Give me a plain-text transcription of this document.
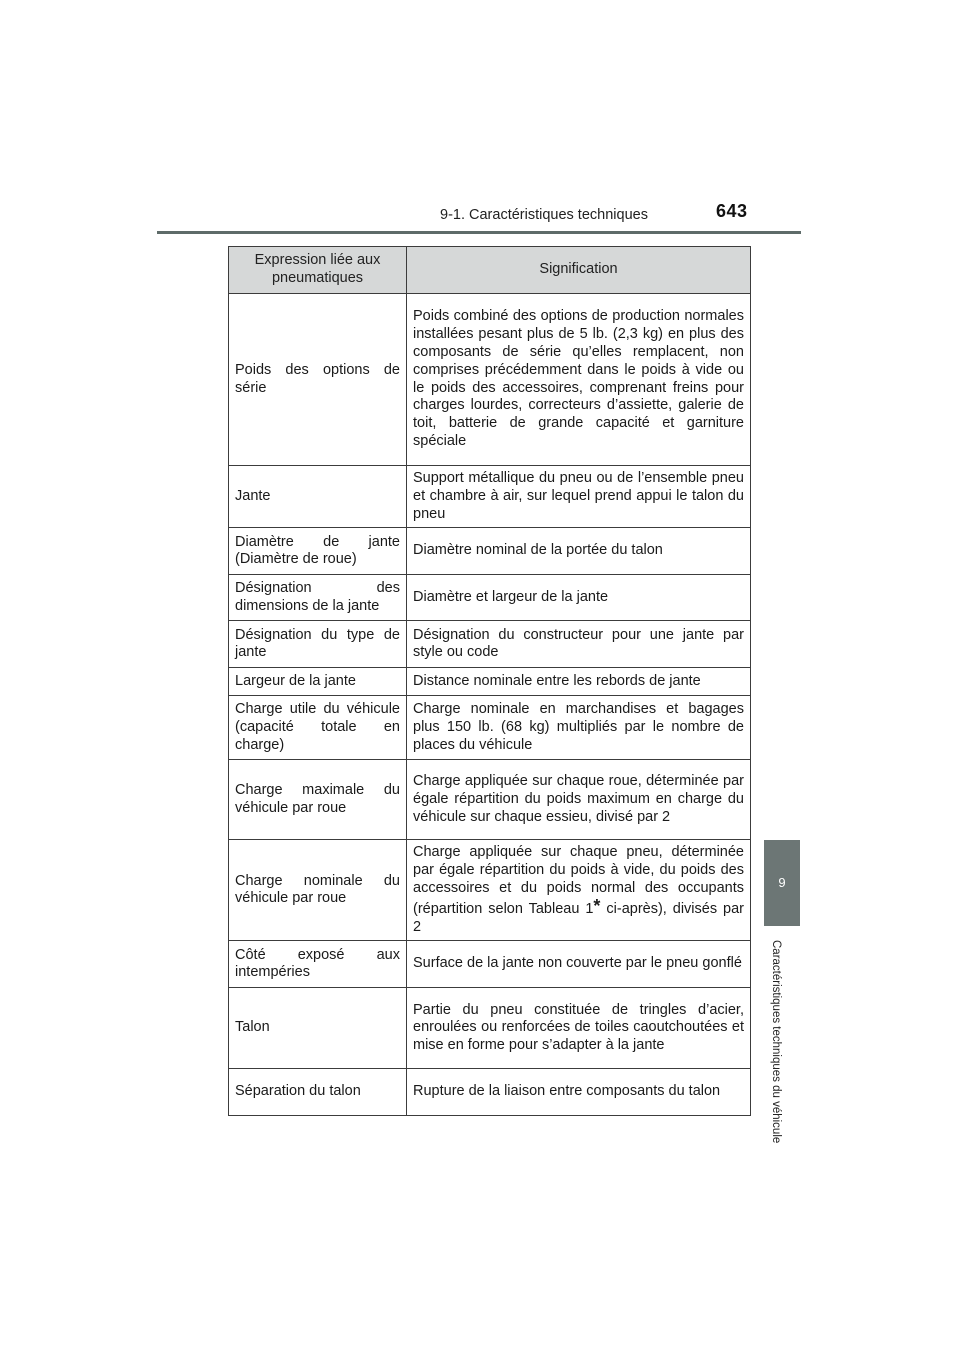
9-1. Caractéristiques techniques	643
9
Caractéristiques techniques du véhicule
Expression liée aux pneumatiques	Signification
Poids des options de série	Poids combiné des options de production normales installées pesant plus de 5 lb. (2,3 kg) en plus des composants de série qu’elles remplacent, non comprises précédemment dans le poids à vide ou le poids des accessoires, comprenant freins pour charges lourdes, correcteurs d’assiette, galerie de toit, batterie de grande capacité et garniture spéciale
Jante	Support métallique du pneu ou de l’ensemble pneu et chambre à air, sur lequel prend appui le talon du pneu
Diamètre de jante (Diamètre de roue)	Diamètre nominal de la portée du talon
Désignation des dimensions de la jante	Diamètre et largeur de la jante
Désignation du type de jante	Désignation du constructeur pour une jante par style ou code
Largeur de la jante	Distance nominale entre les rebords de jante
Charge utile du véhicule (capacité totale en charge)	Charge nominale en marchandises et bagages plus 150 lb. (68 kg) multipliés par le nombre de places du véhicule
Charge maximale du véhicule par roue	Charge appliquée sur chaque roue, déterminée par égale répartition du poids maximum en charge du véhicule sur chaque essieu, divisé par 2
Charge nominale du véhicule par roue	Charge appliquée sur chaque pneu, déterminée par égale répartition du poids à vide, du poids des accessoires et du poids normal des occupants (répartition selon Tableau 1* ci-après), divisés par 2
Côté exposé aux intempéries	Surface de la jante non couverte par le pneu gonflé
Talon	Partie du pneu constituée de tringles d’acier, enroulées ou renforcées de toiles caoutchoutées et mise en forme pour s’adapter à la jante
Séparation du talon	Rupture de la liaison entre composants du talon
